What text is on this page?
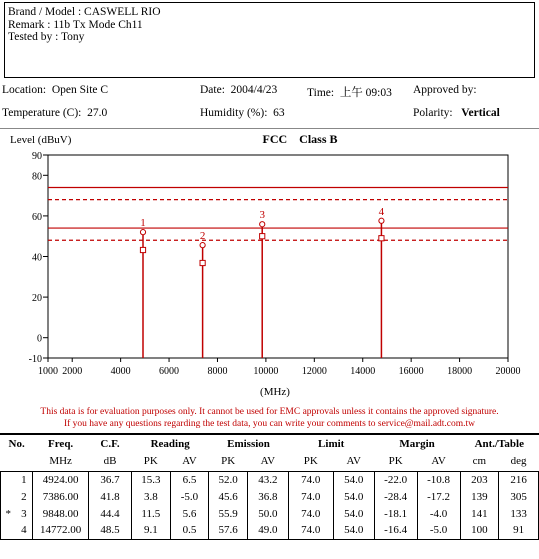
Brand / Model : CASWELL RIO
Remark : 11b Tx Mode Ch11
Tested by : Tony
Location: Open Site C	Date: 2004/4/23	Time: 上午 09:03 Approved by:
Temperature (C): 27.0	Humidity (%): 63	Polarity: Vertical
Level (dBuV)	FCC    Class B
-10
0
20
40
60
80
90
1000 2000	4000	6000	8000	10000 12000 14000 16000 18000 20000
1
2
3	4
(MHz)
This data is for evaluation purposes only. It cannot be used for EMC approvals unless it contains the approved signature.
If you have any questions regarding the test data, you can write your comments to service@mail.adt.com.tw
No.		Freq.	C.F.	Reading		Emission		Limit		Margin		Ant./Table	
		MHz	dB	PK	AV	PK	AV	PK	AV	PK	AV	cm	deg
	1	4924.00	36.7	15.3	6.5	52.0	43.2	74.0	54.0	-22.0	-10.8	203	216
	2	7386.00	41.8	3.8	-5.0	45.6	36.8	74.0	54.0	-28.4	-17.2	139	305
*	3	9848.00	44.4	11.5	5.6	55.9	50.0	74.0	54.0	-18.1	-4.0	141	133
	4	14772.00	48.5	9.1	0.5	57.6	49.0	74.0	54.0	-16.4	-5.0	100	91
